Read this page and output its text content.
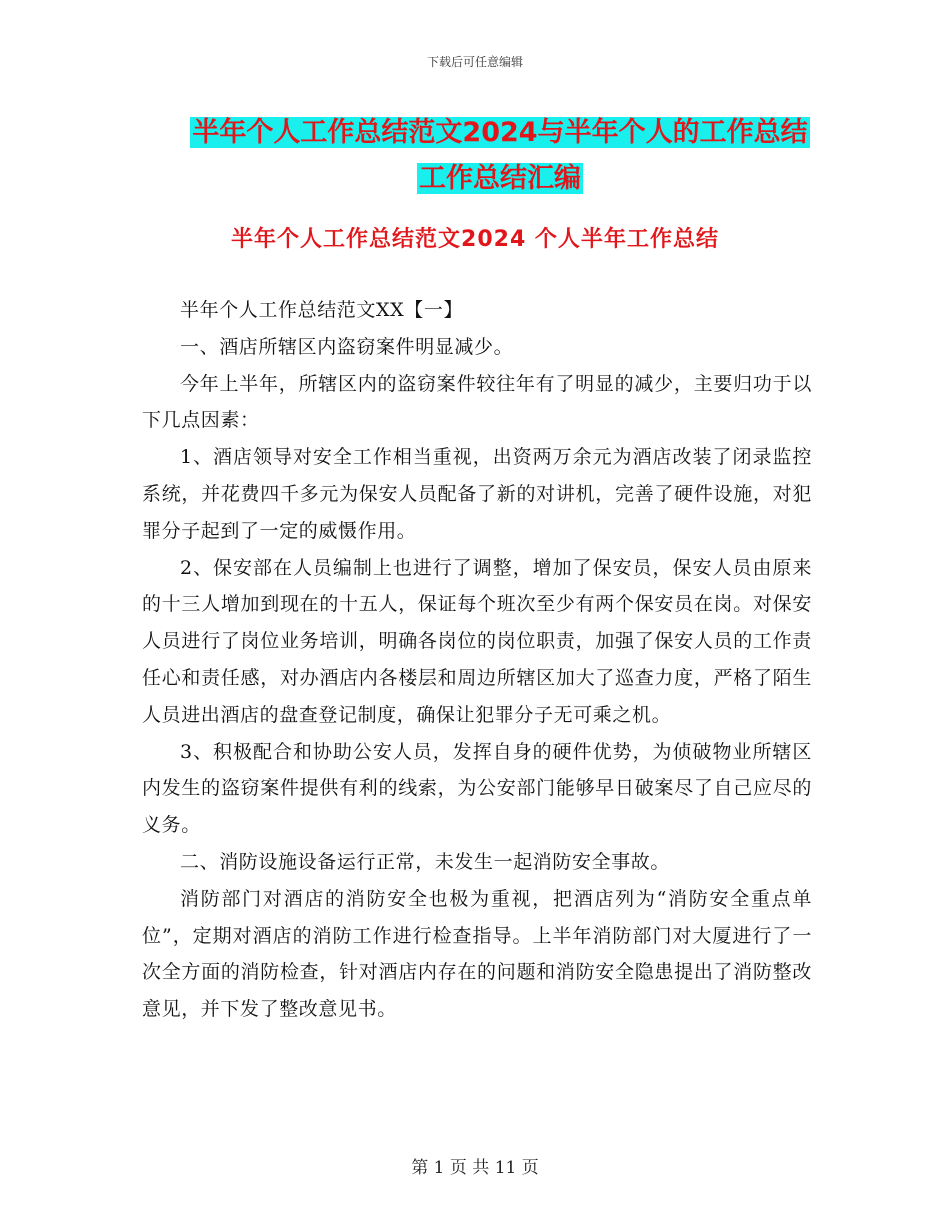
下载后可任意编辑
半年个人工作总结范文2024与半年个人的工作总结工作总结汇编
半年个人工作总结范文2024 个人半年工作总结

半年个人工作总结范文XX【一】

一、酒店所辖区内盗窃案件明显减少。

今年上半年，所辖区内的盗窃案件较往年有了明显的减少，主要归功于以下几点因素：

1、酒店领导对安全工作相当重视，出资两万余元为酒店改装了闭录监控系统，并花费四千多元为保安人员配备了新的对讲机，完善了硬件设施，对犯罪分子起到了一定的威慑作用。

2、保安部在人员编制上也进行了调整，增加了保安员，保安人员由原来的十三人增加到现在的十五人，保证每个班次至少有两个保安员在岗。对保安人员进行了岗位业务培训，明确各岗位的岗位职责，加强了保安人员的工作责任心和责任感，对办酒店内各楼层和周边所辖区加大了巡查力度，严格了陌生人员进出酒店的盘查登记制度，确保让犯罪分子无可乘之机。

3、积极配合和协助公安人员，发挥自身的硬件优势，为侦破物业所辖区内发生的盗窃案件提供有利的线索，为公安部门能够早日破案尽了自己应尽的义务。

二、消防设施设备运行正常，未发生一起消防安全事故。

消防部门对酒店的消防安全也极为重视，把酒店列为“消防安全重点单位”，定期对酒店的消防工作进行检查指导。上半年消防部门对大厦进行了一次全方面的消防检查，针对酒店内存在的问题和消防安全隐患提出了消防整改意见，并下发了整改意见书。

第 1 页 共 11 页
